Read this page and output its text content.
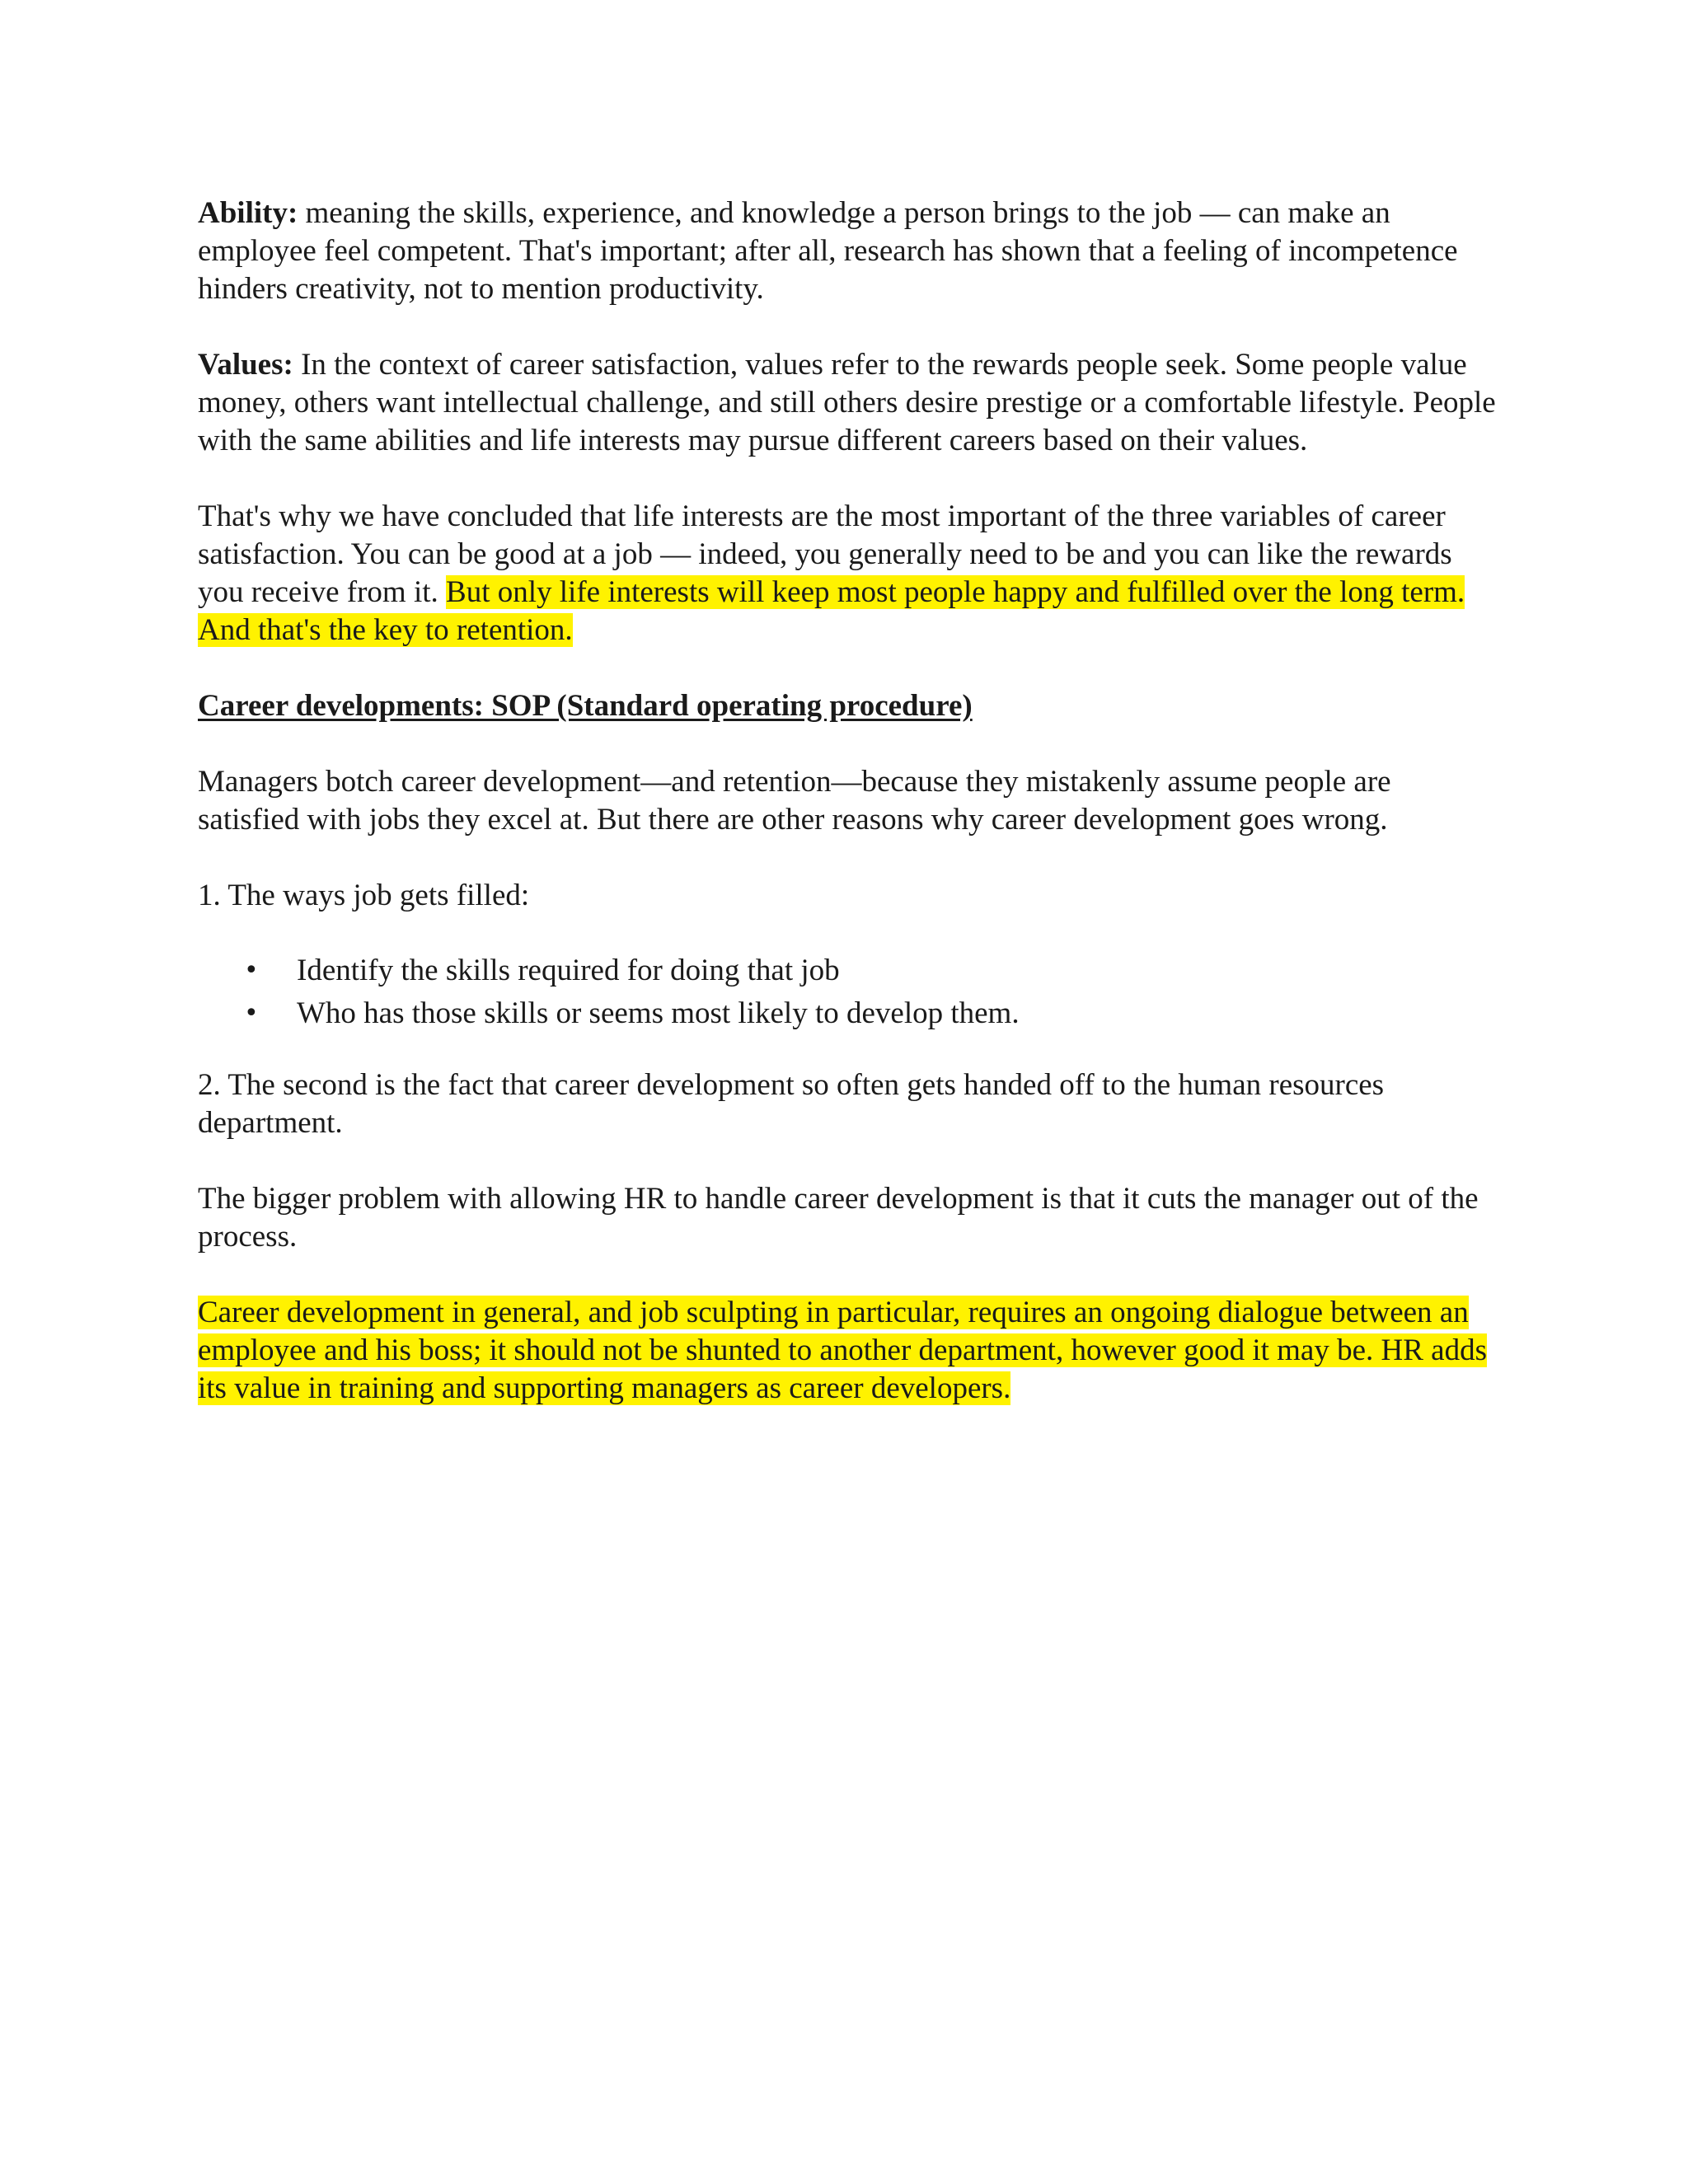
Ability: meaning the skills, experience, and knowledge a person brings to the job — can make an employee feel competent. That's important; after all, research has shown that a feeling of incompetence hinders creativity, not to mention productivity.

Values: In the context of career satisfaction, values refer to the rewards people seek. Some people value money, others want intellectual challenge, and still others desire prestige or a comfortable lifestyle. People with the same abilities and life interests may pursue different careers based on their values.

That's why we have concluded that life interests are the most important of the three variables of career satisfaction. You can be good at a job — indeed, you generally need to be and you can like the rewards you receive from it. But only life interests will keep most people happy and fulfilled over the long term. And that's the key to retention.

Career developments: SOP (Standard operating procedure)

Managers botch career development—and retention—because they mistakenly assume people are satisfied with jobs they excel at. But there are other reasons why career development goes wrong.

1. The ways job gets filled:

• Identify the skills required for doing that job
• Who has those skills or seems most likely to develop them.

2. The second is the fact that career development so often gets handed off to the human resources department.

The bigger problem with allowing HR to handle career development is that it cuts the manager out of the process.

Career development in general, and job sculpting in particular, requires an ongoing dialogue between an employee and his boss; it should not be shunted to another department, however good it may be. HR adds its value in training and supporting managers as career developers.
